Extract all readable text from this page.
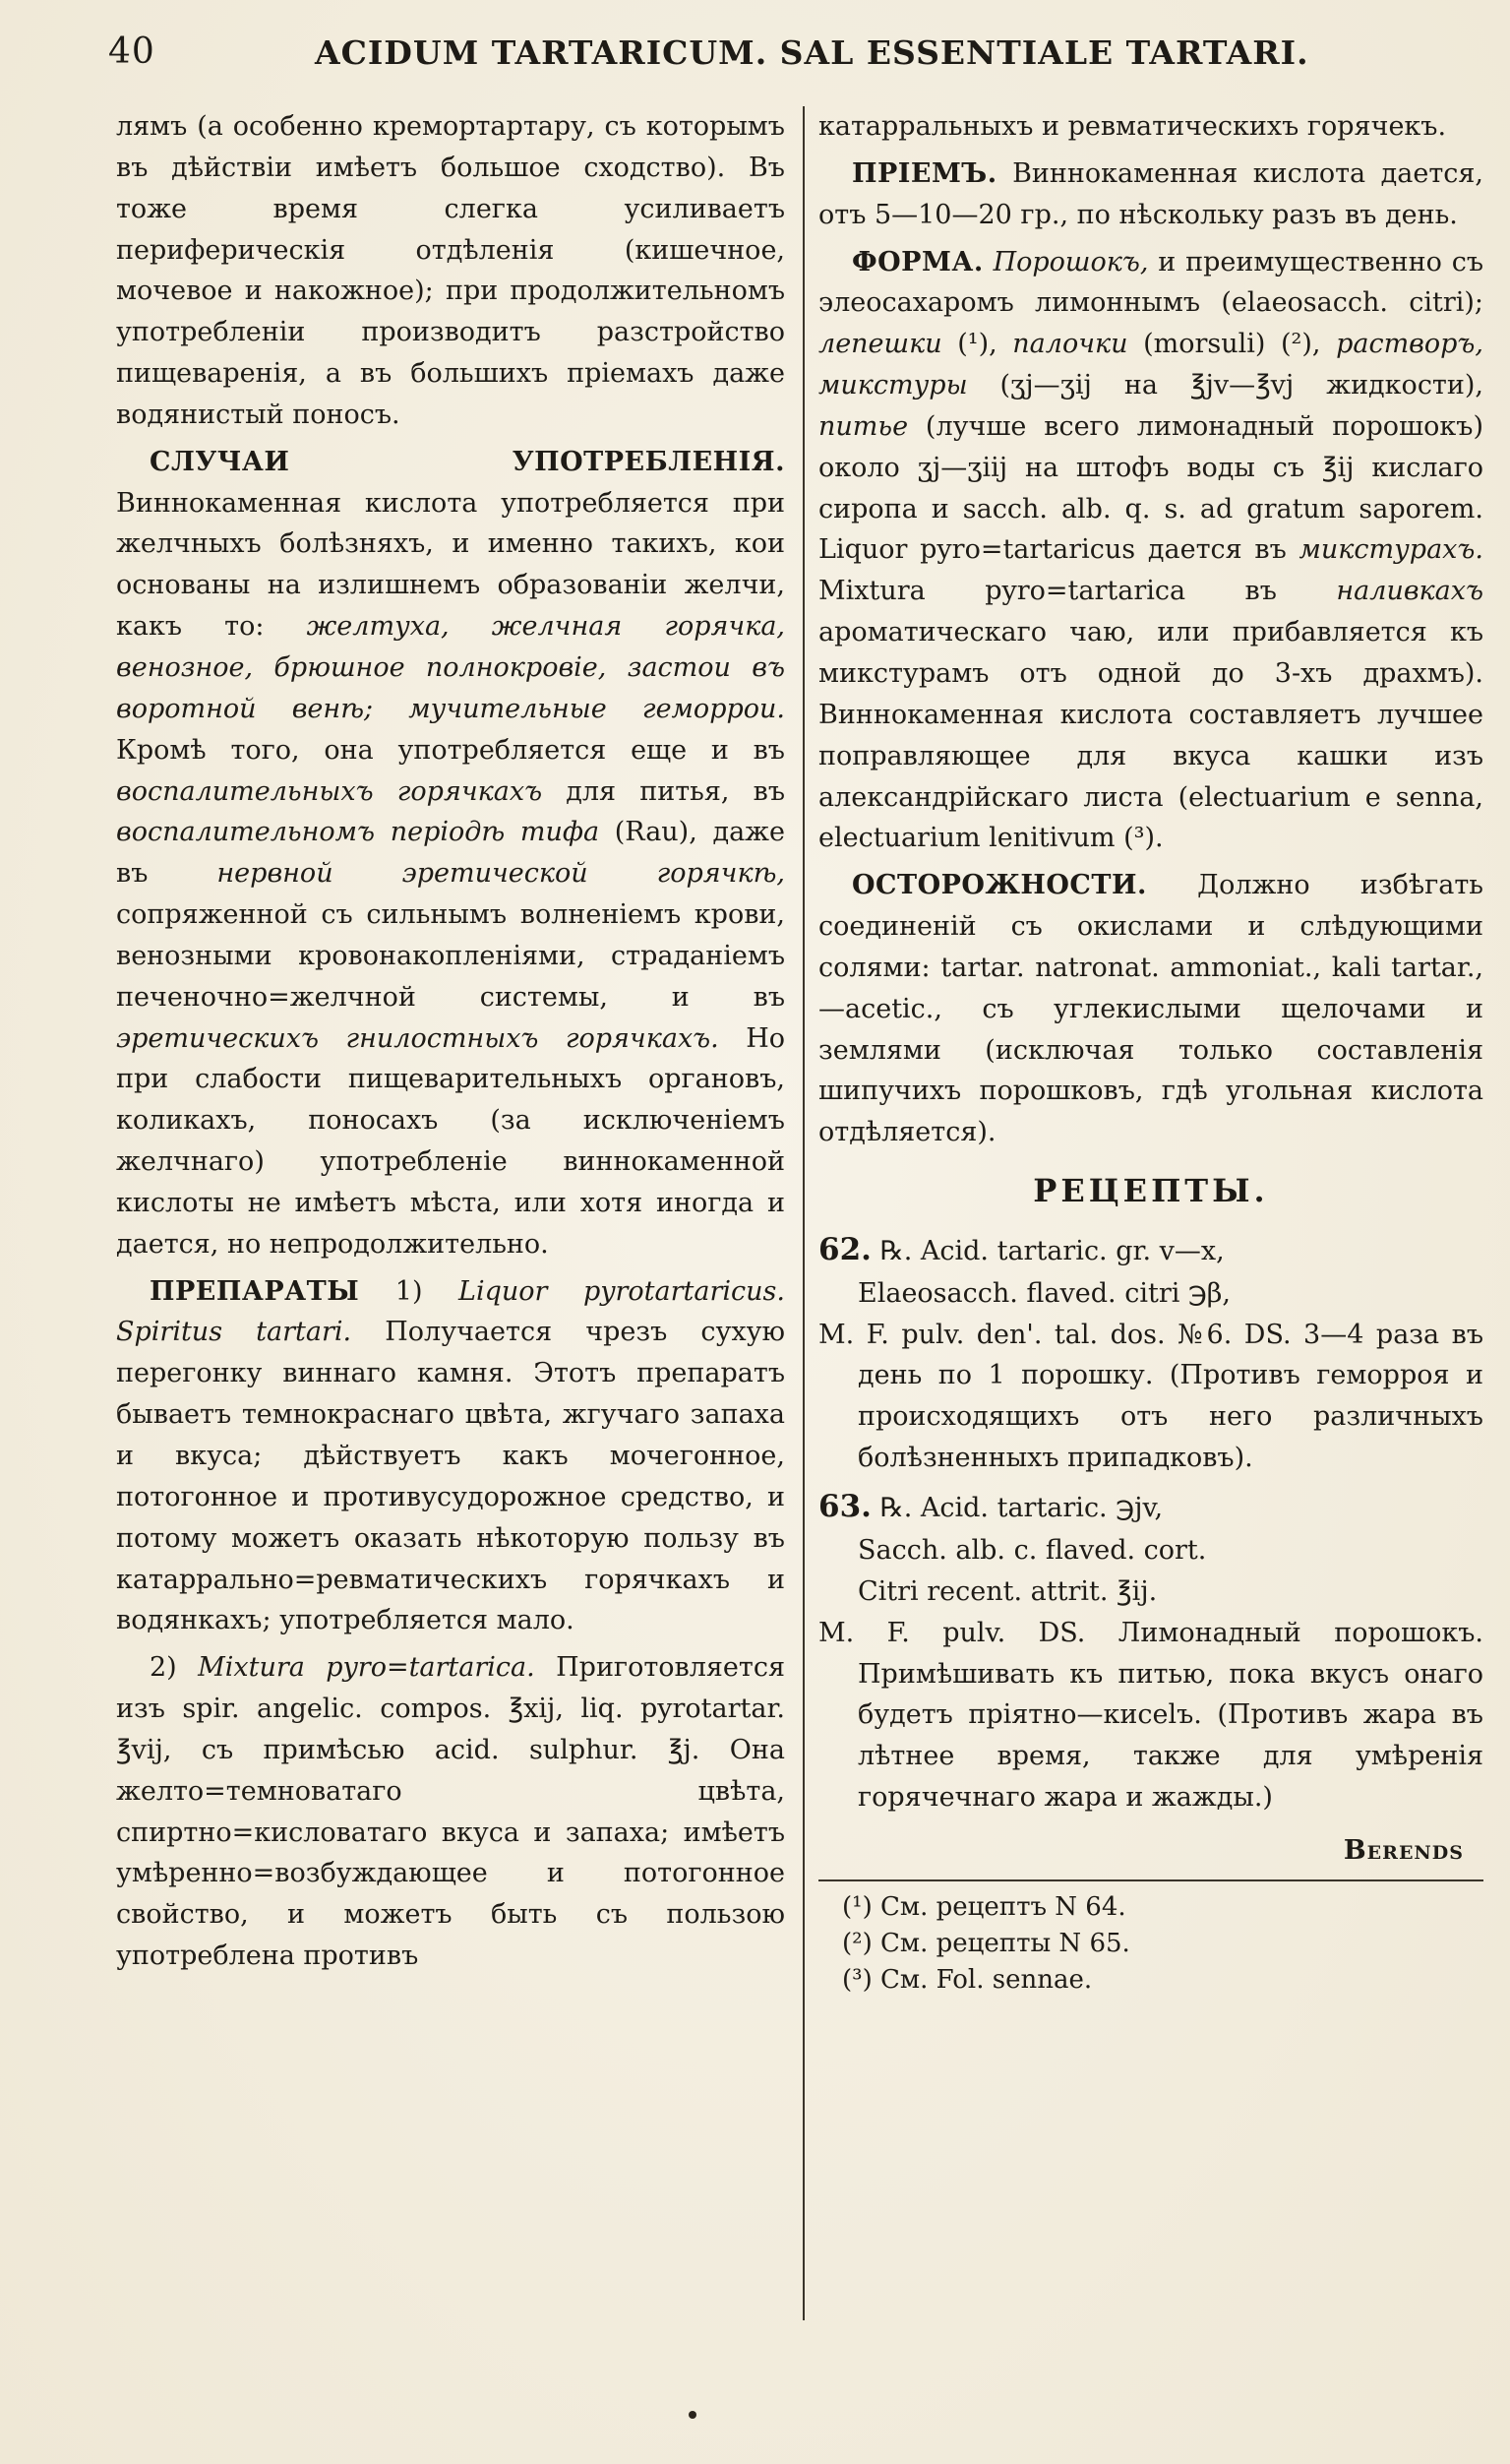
40	ACIDUM TARTARICUM. SAL ESSENTIALE TARTARI.

лямъ (а особенно кремортартару, съ которымъ въ дѣйствіи имѣетъ большое сходство). Въ тоже время слегка усиливаетъ периферическія отдѣленія (кишечное, мочевое и накожное); при продолжительномъ употребленіи производитъ разстройство пищеваренія, а въ большихъ пріемахъ даже водянистый поносъ.

СЛУЧАИ УПОТРЕБЛЕНІЯ. Виннокаменная кислота употребляется при желчныхъ болѣзняхъ, и именно такихъ, кои основаны на излишнемъ образованіи желчи, какъ то: желтуха, желчная горячка, венозное, брюшное полнокровіе, застои въ воротной венѣ; мучительные геморрои. Кромѣ того, она употребляется еще и въ воспалительныхъ горячкахъ для питья, въ воспалительномъ періодѣ тифа (Rau), даже въ нервной эретической горячкѣ, сопряженной съ сильнымъ волненіемъ крови, венозными кровонакопленіями, страданіемъ печеночно=желчной системы, и въ эретическихъ гнилостныхъ горячкахъ. Но при слабости пищеварительныхъ органовъ, коликахъ, поносахъ (за исключеніемъ желчнаго) употребленіе виннокаменной кислоты не имѣетъ мѣста, или хотя иногда и дается, но непродолжительно.

ПРЕПАРАТЫ 1) Liquor pyrotartaricus. Spiritus tartari. Получается чрезъ сухую перегонку виннаго камня. Этотъ препаратъ бываетъ темнокраснаго цвѣта, жгучаго запаха и вкуса; дѣйствуетъ какъ мочегонное, потогонное и противусудорожное средство, и потому можетъ оказать нѣкоторую пользу въ катаррально=ревматическихъ горячкахъ и водянкахъ; употребляется мало.

2) Mixtura pyro=tartarica. Приготовляется изъ spir. angelic. compos. ℥xij, liq. pyrotartar. ℥vij, съ примѣсью acid. sulphur. ℥j. Она желто=темноватаго цвѣта, спиртно=кисловатаго вкуса и запаха; имѣетъ умѣренно=возбуждающее и потогонное свойство, и можетъ быть съ пользою употреблена противъ

катарральныхъ и ревматическихъ горячекъ.

ПРІЕМЪ. Виннокаменная кислота дается, отъ 5—10—20 гр., по нѣскольку разъ въ день.

ФОРМА. Порошокъ, и преимущественно съ элеосахаромъ лимоннымъ (elaeosacch. citri); лепешки (¹), палочки (morsuli) (²), растворъ, микстуры (ʒj—ʒij на ℥jv—℥vj жидкости), питье (лучше всего лимонадный порошокъ) около ʒj—ʒiij на штофъ воды съ ℥ij кислаго сиропа и sacch. alb. q. s. ad gratum saporem. Liquor pyro=tartaricus дается въ микстурахъ. Mixtura pyro=tartarica въ наливкахъ ароматическаго чаю, или прибавляется къ микстурамъ отъ одной до 3-хъ драхмъ). Виннокаменная кислота составляетъ лучшее поправляющее для вкуса кашки изъ александрійскаго листа (electuarium e senna, electuarium lenitivum (³).

ОСТОРОЖНОСТИ. Должно избѣгать соединеній съ окислами и слѣдующими солями: tartar. natronat. ammoniat., kali tartar.,—acetic., съ углекислыми щелочами и землями (исключая только составленія шипучихъ порошковъ, гдѣ угольная кислота отдѣляется).

РЕЦЕПТЫ.
62. ℞. Acid. tartaric. gr. v—x,
Elaeosacch. flaved. citri ℈β,
M. F. pulv. den'. tal. dos. №6. DS. 3—4 раза въ день по 1 порошку. (Противъ геморроя и происходящихъ отъ него различныхъ болѣзненныхъ припадковъ).
63. ℞. Acid. tartaric. ℈jv,
Sacch. alb. c. flaved. cort.
Citri recent. attrit. ℥ij.
M. F. pulv. DS. Лимонадный порошокъ. Примѣшивать къ питью, пока вкусъ онаго будетъ пріятно—кисelъ. (Противъ жара въ лѣтнее время, также для умѣренія горячечнаго жара и жажды.)
Berends
(¹) См. рецептъ N 64.
(²) См. рецепты N 65.
(³) См. Fol. sennae.
